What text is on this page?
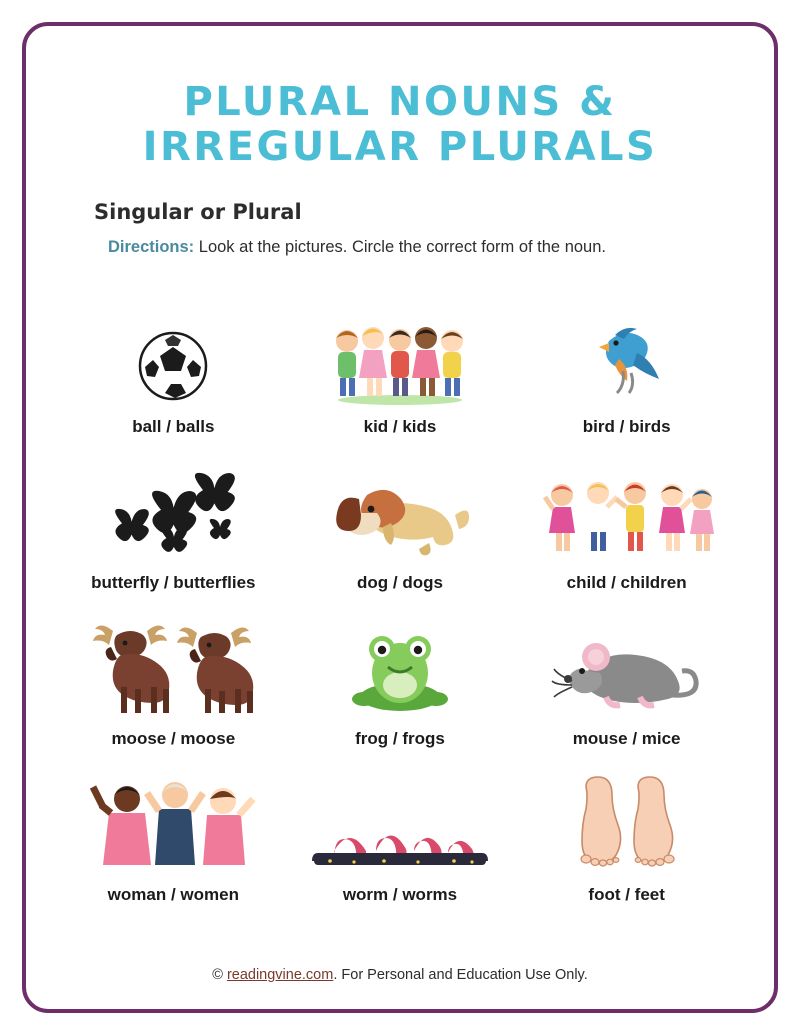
PLURAL NOUNS &
IRREGULAR PLURALS
Singular or Plural
Directions: Look at the pictures. Circle the correct form of the noun.
ball / balls	kid / kids	bird / birds
butterfly / butterflies	dog / dogs	child / children
moose / moose	frog / frogs	mouse / mice
woman / women	worm / worms	foot / feet
© readingvine.com. For Personal and Education Use Only.
